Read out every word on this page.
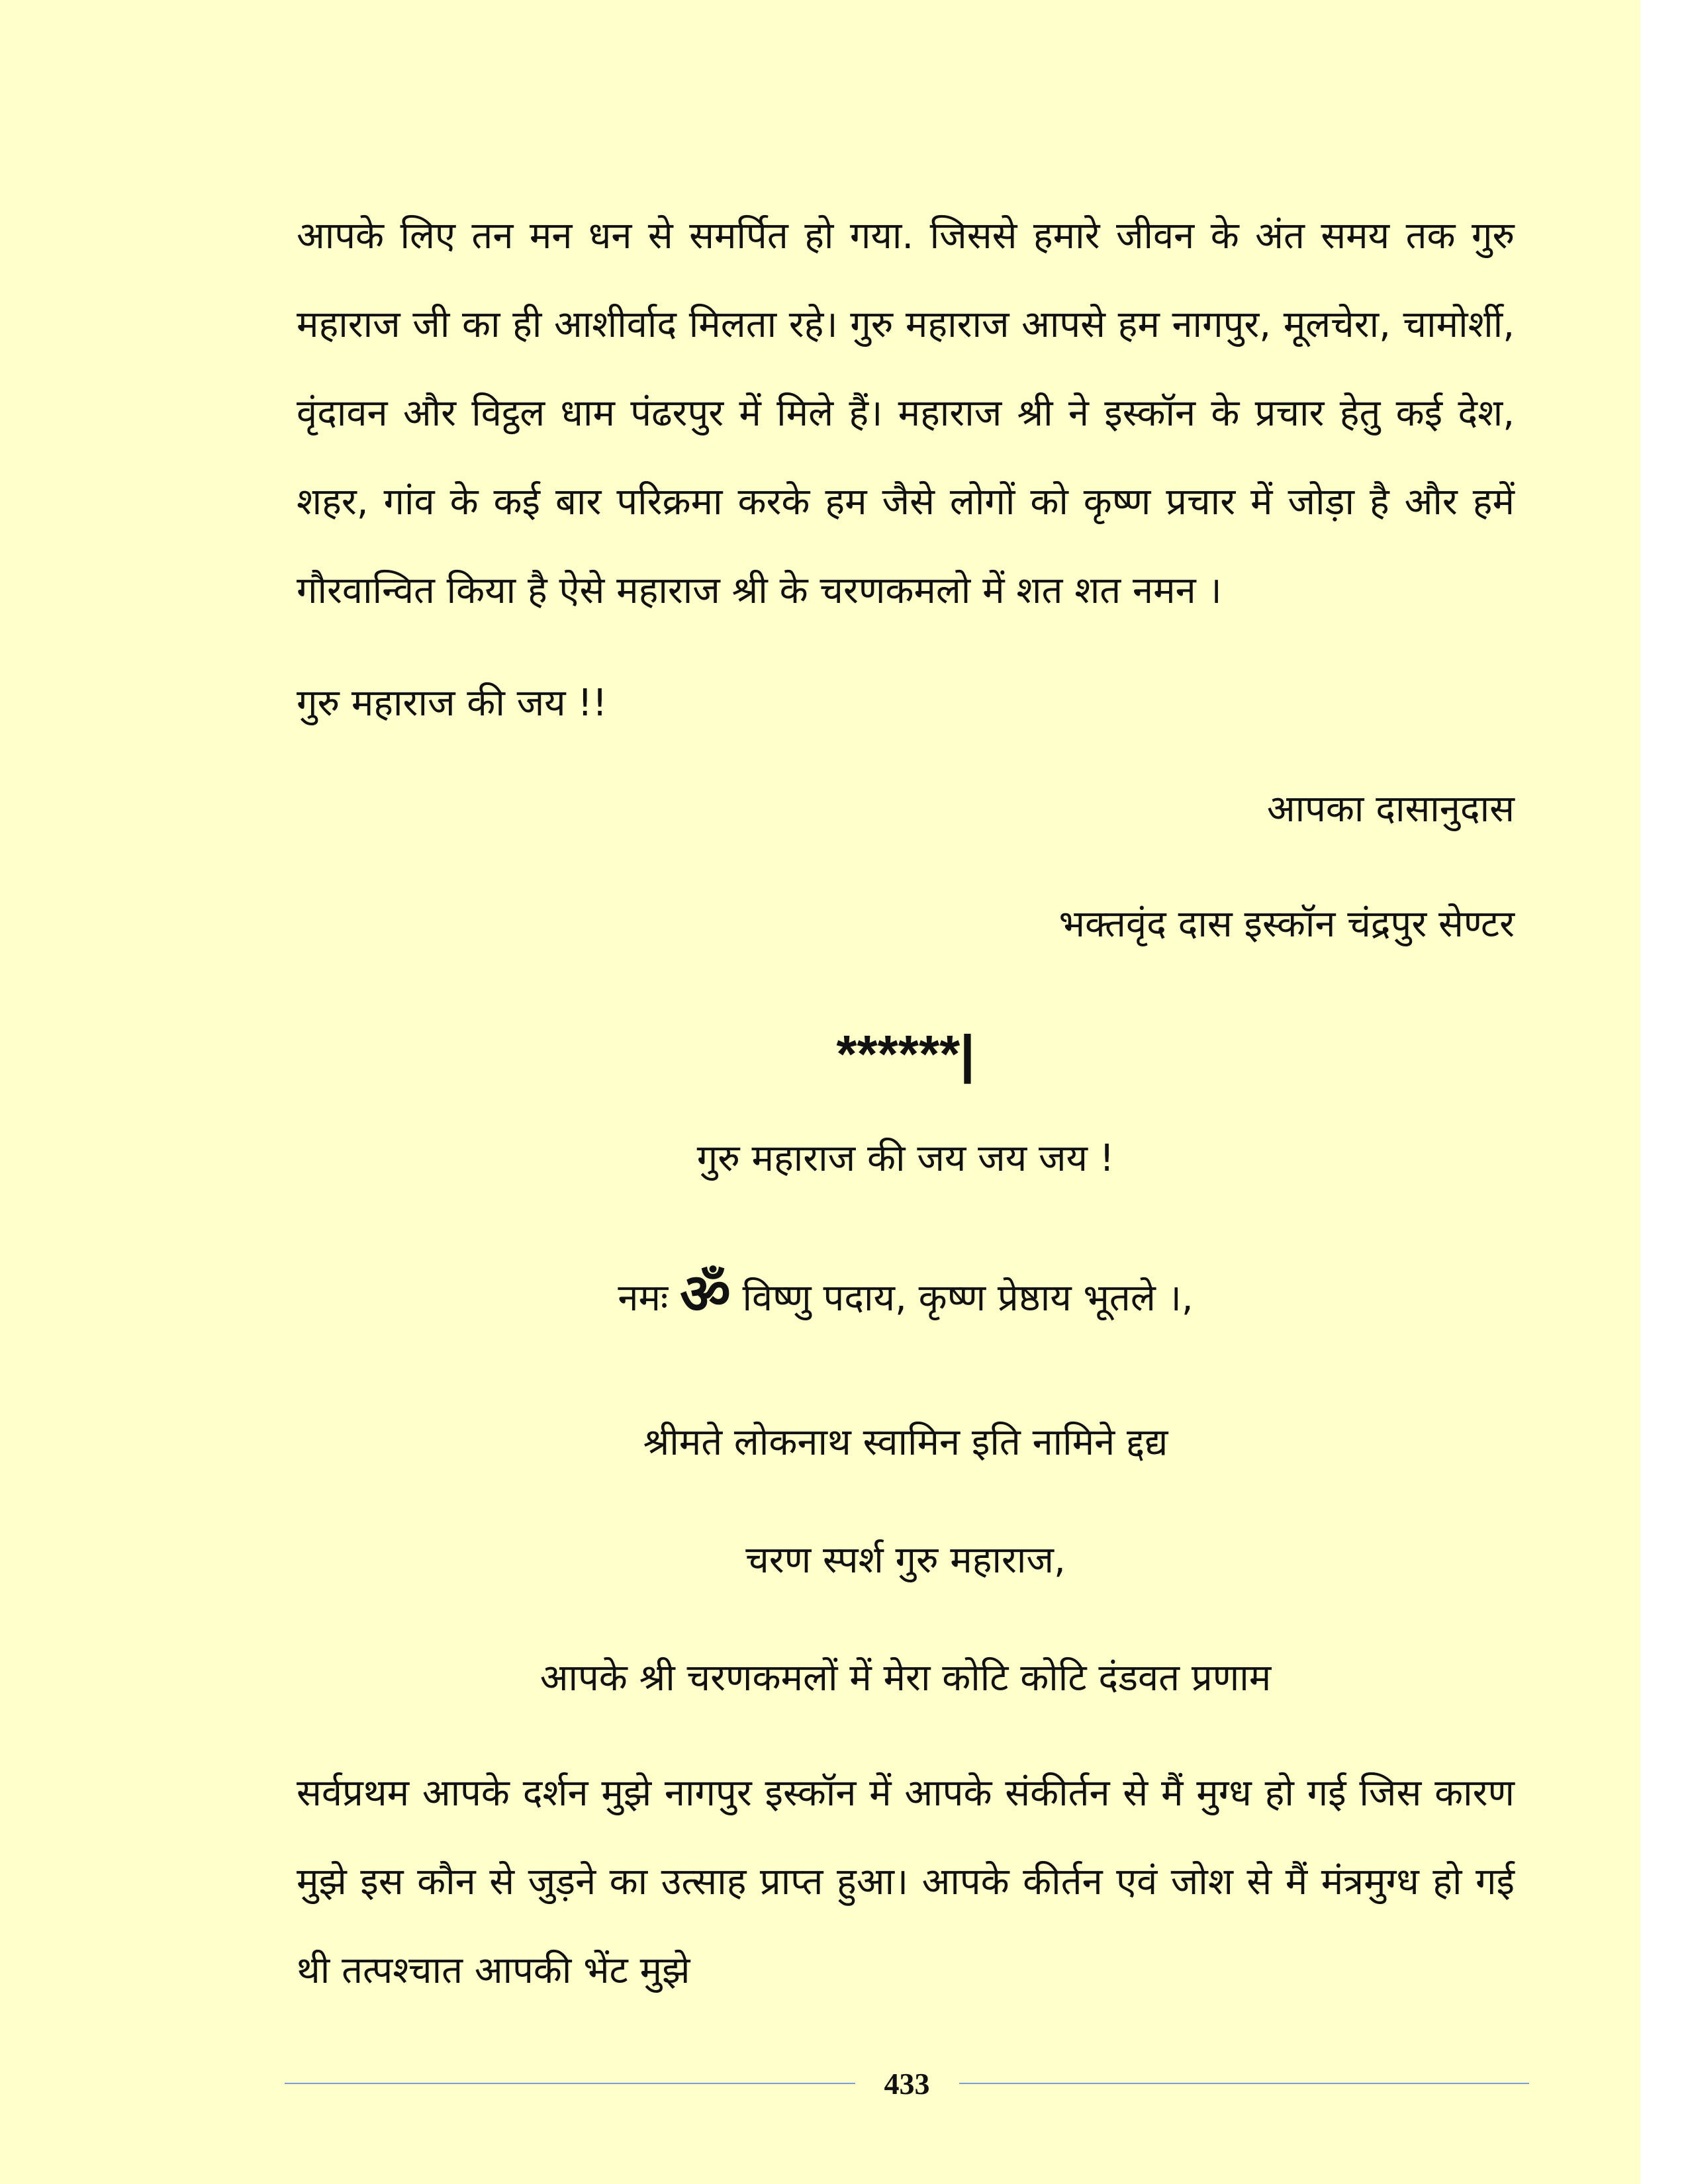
आपके लिए तन मन धन से समर्पित हो गया. जिससे हमारे जीवन के अंत समय तक गुरु महाराज जी का ही आशीर्वाद मिलता रहे। गुरु महाराज आपसे हम नागपुर, मूलचेरा, चामोर्शी, वृंदावन और विट्ठल धाम पंढरपुर में मिले हैं। महाराज श्री ने इस्कॉन के प्रचार हेतु कई देश, शहर, गांव के कई बार परिक्रमा करके हम जैसे लोगों को कृष्ण प्रचार में जोड़ा है और हमें गौरवान्वित किया है ऐसे महाराज श्री के चरणकमलो में शत शत नमन ।

गुरु महाराज की जय !!

आपका दासानुदास

भक्तवृंद दास इस्कॉन चंद्रपुर सेण्टर

******|

गुरु महाराज की जय जय जय !

नमः ॐ विष्णु पदाय, कृष्ण प्रेष्ठाय भूतले ।,

श्रीमते लोकनाथ स्वामिन इति नामिने द्दद्य

चरण स्पर्श गुरु महाराज,

आपके श्री चरणकमलों में मेरा कोटि कोटि दंडवत प्रणाम

सर्वप्रथम आपके दर्शन मुझे नागपुर इस्कॉन में आपके संकीर्तन से मैं मुग्ध हो गई जिस कारण मुझे इस कौन से जुड़ने का उत्साह प्राप्त हुआ। आपके कीर्तन एवं जोश से मैं मंत्रमुग्ध हो गई थी तत्पश्चात आपकी भेंट मुझे

433
